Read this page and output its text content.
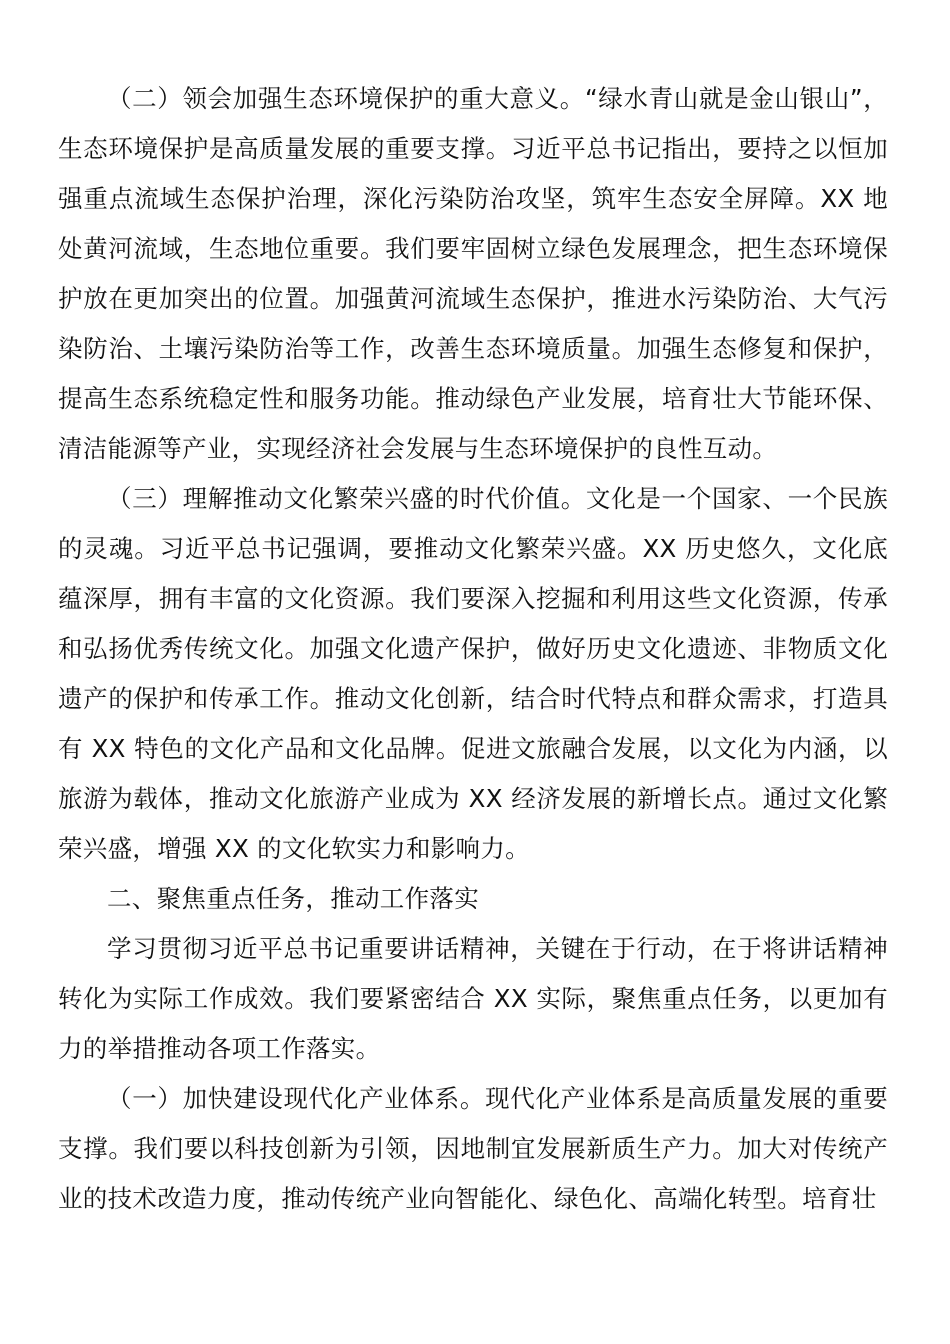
（二）领会加强生态环境保护的重大意义。“绿水青山就是金山银山”，生态环境保护是高质量发展的重要支撑。习近平总书记指出，要持之以恒加强重点流域生态保护治理，深化污染防治攻坚，筑牢生态安全屏障。XX 地处黄河流域，生态地位重要。我们要牢固树立绿色发展理念，把生态环境保护放在更加突出的位置。加强黄河流域生态保护，推进水污染防治、大气污染防治、土壤污染防治等工作，改善生态环境质量。加强生态修复和保护，提高生态系统稳定性和服务功能。推动绿色产业发展，培育壮大节能环保、清洁能源等产业，实现经济社会发展与生态环境保护的良性互动。

（三）理解推动文化繁荣兴盛的时代价值。文化是一个国家、一个民族的灵魂。习近平总书记强调，要推动文化繁荣兴盛。XX 历史悠久，文化底蕴深厚，拥有丰富的文化资源。我们要深入挖掘和利用这些文化资源，传承和弘扬优秀传统文化。加强文化遗产保护，做好历史文化遗迹、非物质文化遗产的保护和传承工作。推动文化创新，结合时代特点和群众需求，打造具有 XX 特色的文化产品和文化品牌。促进文旅融合发展，以文化为内涵，以旅游为载体，推动文化旅游产业成为 XX 经济发展的新增长点。通过文化繁荣兴盛，增强 XX 的文化软实力和影响力。

二、聚焦重点任务，推动工作落实

学习贯彻习近平总书记重要讲话精神，关键在于行动，在于将讲话精神转化为实际工作成效。我们要紧密结合 XX 实际，聚焦重点任务，以更加有力的举措推动各项工作落实。

（一）加快建设现代化产业体系。现代化产业体系是高质量发展的重要支撑。我们要以科技创新为引领，因地制宜发展新质生产力。加大对传统产业的技术改造力度，推动传统产业向智能化、绿色化、高端化转型。培育壮
